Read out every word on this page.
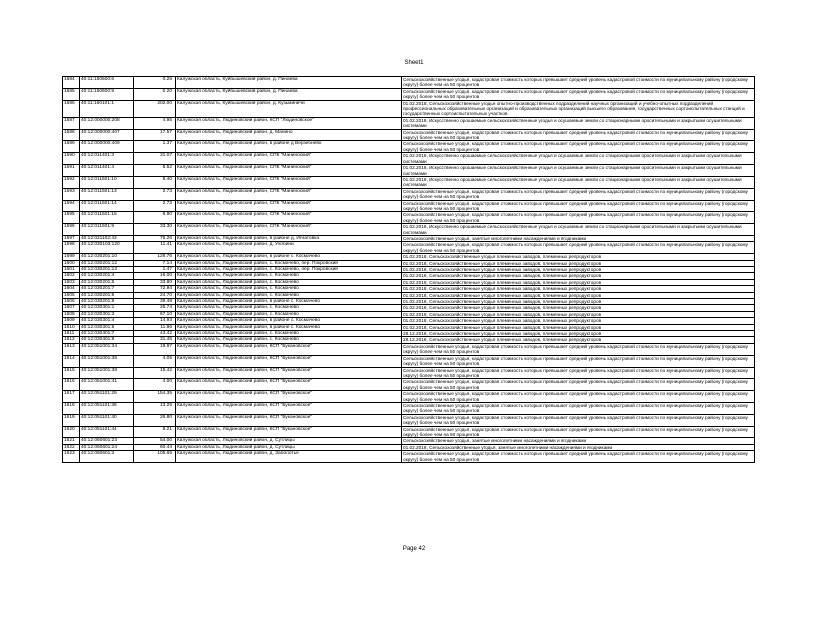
Sheet1
1584	40:11:150500:6	0.28	Калужская область, Куйбышевский район, д. Пинаева	Сельскохозяйственные угодья, кадастровая стоимость которых превышает средний уровень кадастровой стоимости по муниципальному району (городскому округу) более чем на 50 процентов
1585	40:11:150500:9	0.20	Калужская область, Куйбышевский район, д. Пинаева	Сельскохозяйственные угодья, кадастровая стоимость которых превышает средний уровень кадастровой стоимости по муниципальному району (городскому округу) более чем на 50 процентов
1586	40:11:160101:1	202.00	Калужская область, Куйбышевский район, д. Кузьминичи	01.02.2018, Сельскохозяйственные угодья опытно-производственных подразделений научных организаций и учебно-опытных подразделений профессиональных образовательных организаций и образовательных организаций высшего образования, государственных сортоиспытательных станций и государственных сортоиспытательных участков
1587	40:12:000000:208	4.95	Калужская область, Людиновский район, КСП "Людиновское"	01.02.2018, Искусственно орошаемые сельскохозяйственные угодья и осушаемые земли со стационарными оросительными и закрытыми осушительными системами
1588	40:12:000000:407	17.57	Калужская область, Людиновский район, д. Манино	Сельскохозяйственные угодья, кадастровая стоимость которых превышает средний уровень кадастровой стоимости по муниципальному району (городскому округу) более чем на 50 процентов
1589	40:12:000000:409	1.37	Калужская область, Людиновский район, в районе д Верзебнево	Сельскохозяйственные угодья, кадастровая стоимость которых превышает средний уровень кадастровой стоимости по муниципальному району (городскому округу) более чем на 50 процентов
1590	40:12:011401:3	31.07	Калужская область, Людиновский район, СПК "Маниноский"	01.02.2018, Искусственно орошаемые сельскохозяйственные угодья и осушаемые земли со стационарными оросительными и закрытыми осушительными системами
1591	40:12:011401:4	5.52	Калужская область, Людиновский район, СПК "Маниноский"	01.02.2018, Искусственно орошаемые сельскохозяйственные угодья и осушаемые земли со стационарными оросительными и закрытыми осушительными системами
1592	40:12:011501:10	8.40	Калужская область, Людиновский район, СПК "Маниноский"	01.02.2018, Искусственно орошаемые сельскохозяйственные угодья и осушаемые земли со стационарными оросительными и закрытыми осушительными системами
1593	40:12:011501:13	2.73	Калужская область, Людиновский район, СПК "Маниноский"	Сельскохозяйственные угодья, кадастровая стоимость которых превышает средний уровень кадастровой стоимости по муниципальному району (городскому округу) более чем на 50 процентов
1594	40:12:011501:14	2.73	Калужская область, Людиновский район, СПК "Маниноский"	Сельскохозяйственные угодья, кадастровая стоимость которых превышает средний уровень кадастровой стоимости по муниципальному району (городскому округу) более чем на 50 процентов
1595	40:12:011501:15	8.90	Калужская область, Людиновский район, СПК "Маниноский"	Сельскохозяйственные угодья, кадастровая стоимость которых превышает средний уровень кадастровой стоимости по муниципальному району (городскому округу) более чем на 50 процентов
1596	40:12:011501:9	33.30	Калужская область, Людиновский район, СПК "Маниноский"	01.02.2018, Искусственно орошаемые сельскохозяйственные угодья и осушаемые земли со стационарными оросительными и закрытыми осушительными системами
1597	40:12:021102:43	76.26	Калужская область, Людиновский район, в районе д. Игнатовка	Сельскохозяйственные угодья, занятые многолетними насаждениями и ягодниками
1598	40:12:030103:120	11.41	Калужская область, Людиновский район, д. Ухобини	Сельскохозяйственные угодья, кадастровая стоимость которых превышает средний уровень кадастровой стоимости по муниципальному району (городскому округу) более чем на 50 процентов
1599	40:12:030201:10	128.76	Калужская область, Людиновский район, в районе с. Космачево	01.02.2018, Сельскохозяйственные угодья племенных заводов, племенных репродукторов
1600	40:12:030201:12	7.14	Калужская область, Людиновский район, с. Космачево, пер. Покровский	01.02.2018, Сельскохозяйственные угодья племенных заводов, племенных репродукторов
1601	40:12:030201:13	1.47	Калужская область, Людиновский район, с. Космачево, пер. Покровский	01.02.2018, Сельскохозяйственные угодья племенных заводов, племенных репродукторов
1602	40:12:030201:4	16.00	Калужская область, Людиновский район, с. Космачево	01.02.2018, Сельскохозяйственные угодья племенных заводов, племенных репродукторов
1603	40:12:030201:5	33.80	Калужская область, Людиновский район, с. Космачево	01.02.2018, Сельскохозяйственные угодья племенных заводов, племенных репродукторов
1604	40:12:030201:7	72.94	Калужская область, Людиновский район, с. Космачево	01.02.2018, Сельскохозяйственные угодья племенных заводов, племенных репродукторов
1605	40:12:030201:8	24.70	Калужская область, Людиновский район, с. Космачево	01.02.2018, Сельскохозяйственные угодья племенных заводов, племенных репродукторов
1606	40:12:030201:9	39.48	Калужская область, Людиновский район, в районе с. Космачево	01.02.2018, Сельскохозяйственные угодья племенных заводов, племенных репродукторов
1607	40:12:030301:1	25.74	Калужская область, Людиновский район, с. Космачево	01.02.2018, Сельскохозяйственные угодья племенных заводов, племенных репродукторов
1608	40:12:030301:3	67.10	Калужская область, Людиновский район, с. Космачево	01.02.2018, Сельскохозяйственные угодья племенных заводов, племенных репродукторов
1609	40:12:030301:4	14.93	Калужская область, Людиновский район, в районе с. Космачево	01.02.2018, Сельскохозяйственные угодья племенных заводов, племенных репродукторов
1610	40:12:030301:5	11.86	Калужская область, Людиновский район, в районе с. Космачево	01.02.2018, Сельскохозяйственные угодья племенных заводов, племенных репродукторов
1611	40:12:030401:7	43.42	Калужская область, Людиновский район, с. Космачево	28.12.2018, Сельскохозяйственные угодья племенных заводов, племенных репродукторов
1612	40:12:030401:8	31.45	Калужская область, Людиновский район, с. Космачево	28.12.2018, Сельскохозяйственные угодья племенных заводов, племенных репродукторов
1613	40:12:051001:34	19.97	Калужская область, Людиновский район, КСП "Букановское"	Сельскохозяйственные угодья, кадастровая стоимость которых превышает средний уровень кадастровой стоимости по муниципальному району (городскому округу) более чем на 50 процентов
1614	40:12:051001:35	4.05	Калужская область, Людиновский район, КСП "Букановское"	Сельскохозяйственные угодья, кадастровая стоимость которых превышает средний уровень кадастровой стоимости по муниципальному району (городскому округу) более чем на 50 процентов
1615	40:12:051001:38	15.42	Калужская область, Людиновский район, КСП "Букановское"	Сельскохозяйственные угодья, кадастровая стоимость которых превышает средний уровень кадастровой стоимости по муниципальному району (городскому округу) более чем на 50 процентов
1616	40:12:051001:41	4.00	Калужская область, Людиновский район, КСП "Букановское"	Сельскохозяйственные угодья, кадастровая стоимость которых превышает средний уровень кадастровой стоимости по муниципальному району (городскому округу) более чем на 50 процентов
1617	40:12:051101:29	154.35	Калужская область, Людиновский район, КСП "Букановское"	Сельскохозяйственные угодья, кадастровая стоимость которых превышает средний уровень кадастровой стоимости по муниципальному району (городскому округу) более чем на 50 процентов
1618	40:12:051101:38	13.25	Калужская область, Людиновский район, КСП "Букановское"	Сельскохозяйственные угодья, кадастровая стоимость которых превышает средний уровень кадастровой стоимости по муниципальному району (городскому округу) более чем на 50 процентов
1619	40:12:051101:40	26.80	Калужская область, Людиновский район, КСП "Букановское"	Сельскохозяйственные угодья, кадастровая стоимость которых превышает средний уровень кадастровой стоимости по муниципальному району (городскому округу) более чем на 50 процентов
1620	40:12:051101:44	9.21	Калужская область, Людиновский район, КСП "Букановское"	Сельскохозяйственные угодья, кадастровая стоимость которых превышает средний уровень кадастровой стоимости по муниципальному району (городскому округу) более чем на 50 процентов
1621	40:12:060601:23	54.00	Калужская область, Людиновский район, д. Сутлицы	Сельскохозяйственные угодья, занятые многолетними насаждениями и ягодниками
1622	40:12:060601:24	60.44	Калужская область, Людиновский район, д. Сутлицы	01.02.2018, Сельскохозяйственные угодья, занятые многолетними насаждениями и ягодниками
1623	40:12:060601:3	105.65	Калужская область, Людиновский район, д. Заболотье	Сельскохозяйственные угодья, кадастровая стоимость которых превышает средний уровень кадастровой стоимости по муниципальному району (городскому округу) более чем на 50 процентов
Page 42
